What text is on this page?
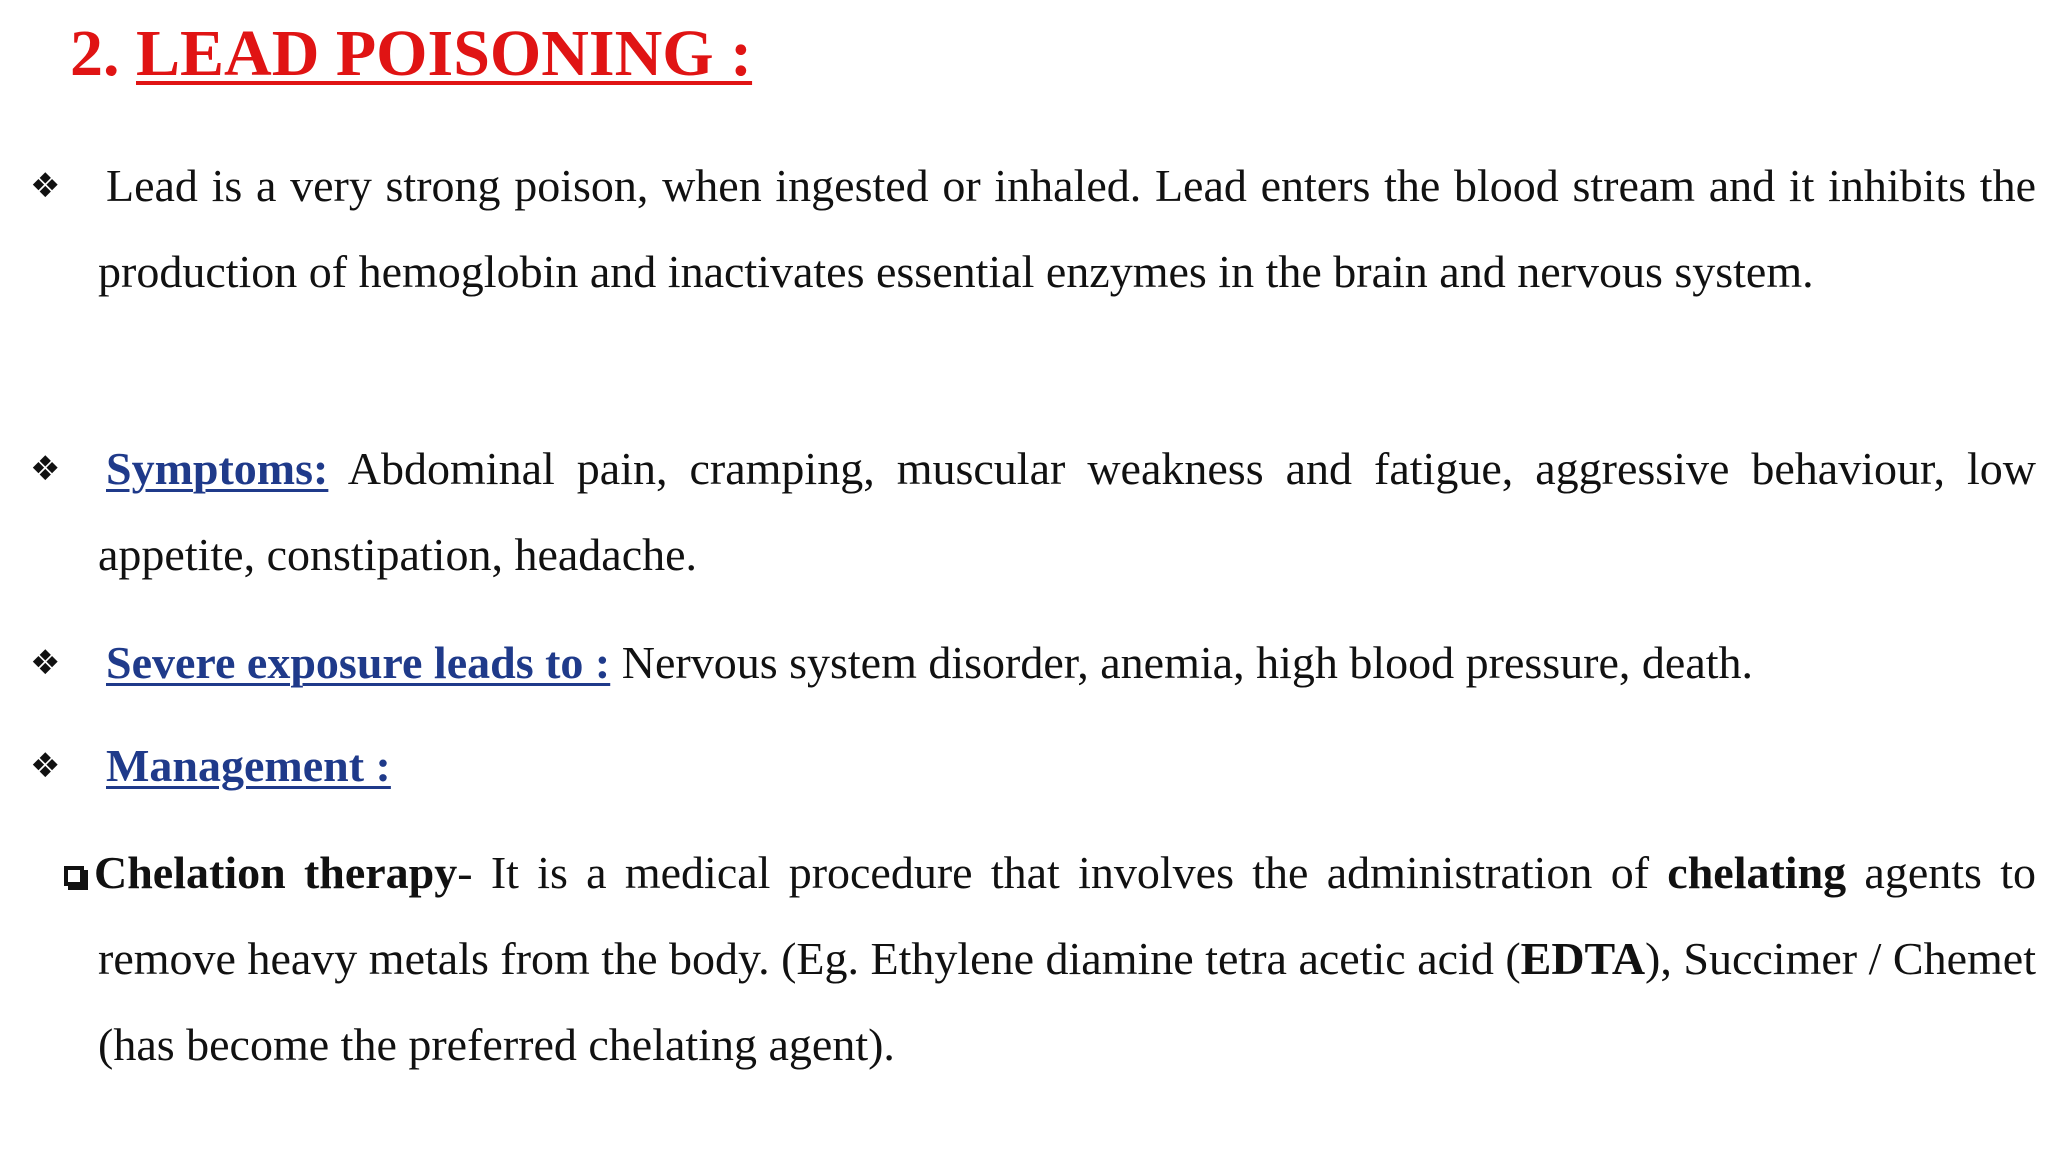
2. LEAD POISONING :
❖ Lead is a very strong poison, when ingested or inhaled. Lead enters the blood stream and it inhibits the production of hemoglobin and inactivates essential enzymes in the brain and nervous system.
❖ Symptoms: Abdominal pain, cramping, muscular weakness and fatigue, aggressive behaviour, low appetite, constipation, headache.
❖ Severe exposure leads to : Nervous system disorder, anemia, high blood pressure, death.
❖ Management :
Chelation therapy- It is a medical procedure that involves the administration of chelating agents to remove heavy metals from the body. (Eg. Ethylene diamine tetra acetic acid (EDTA), Succimer / Chemet (has become the preferred chelating agent).
